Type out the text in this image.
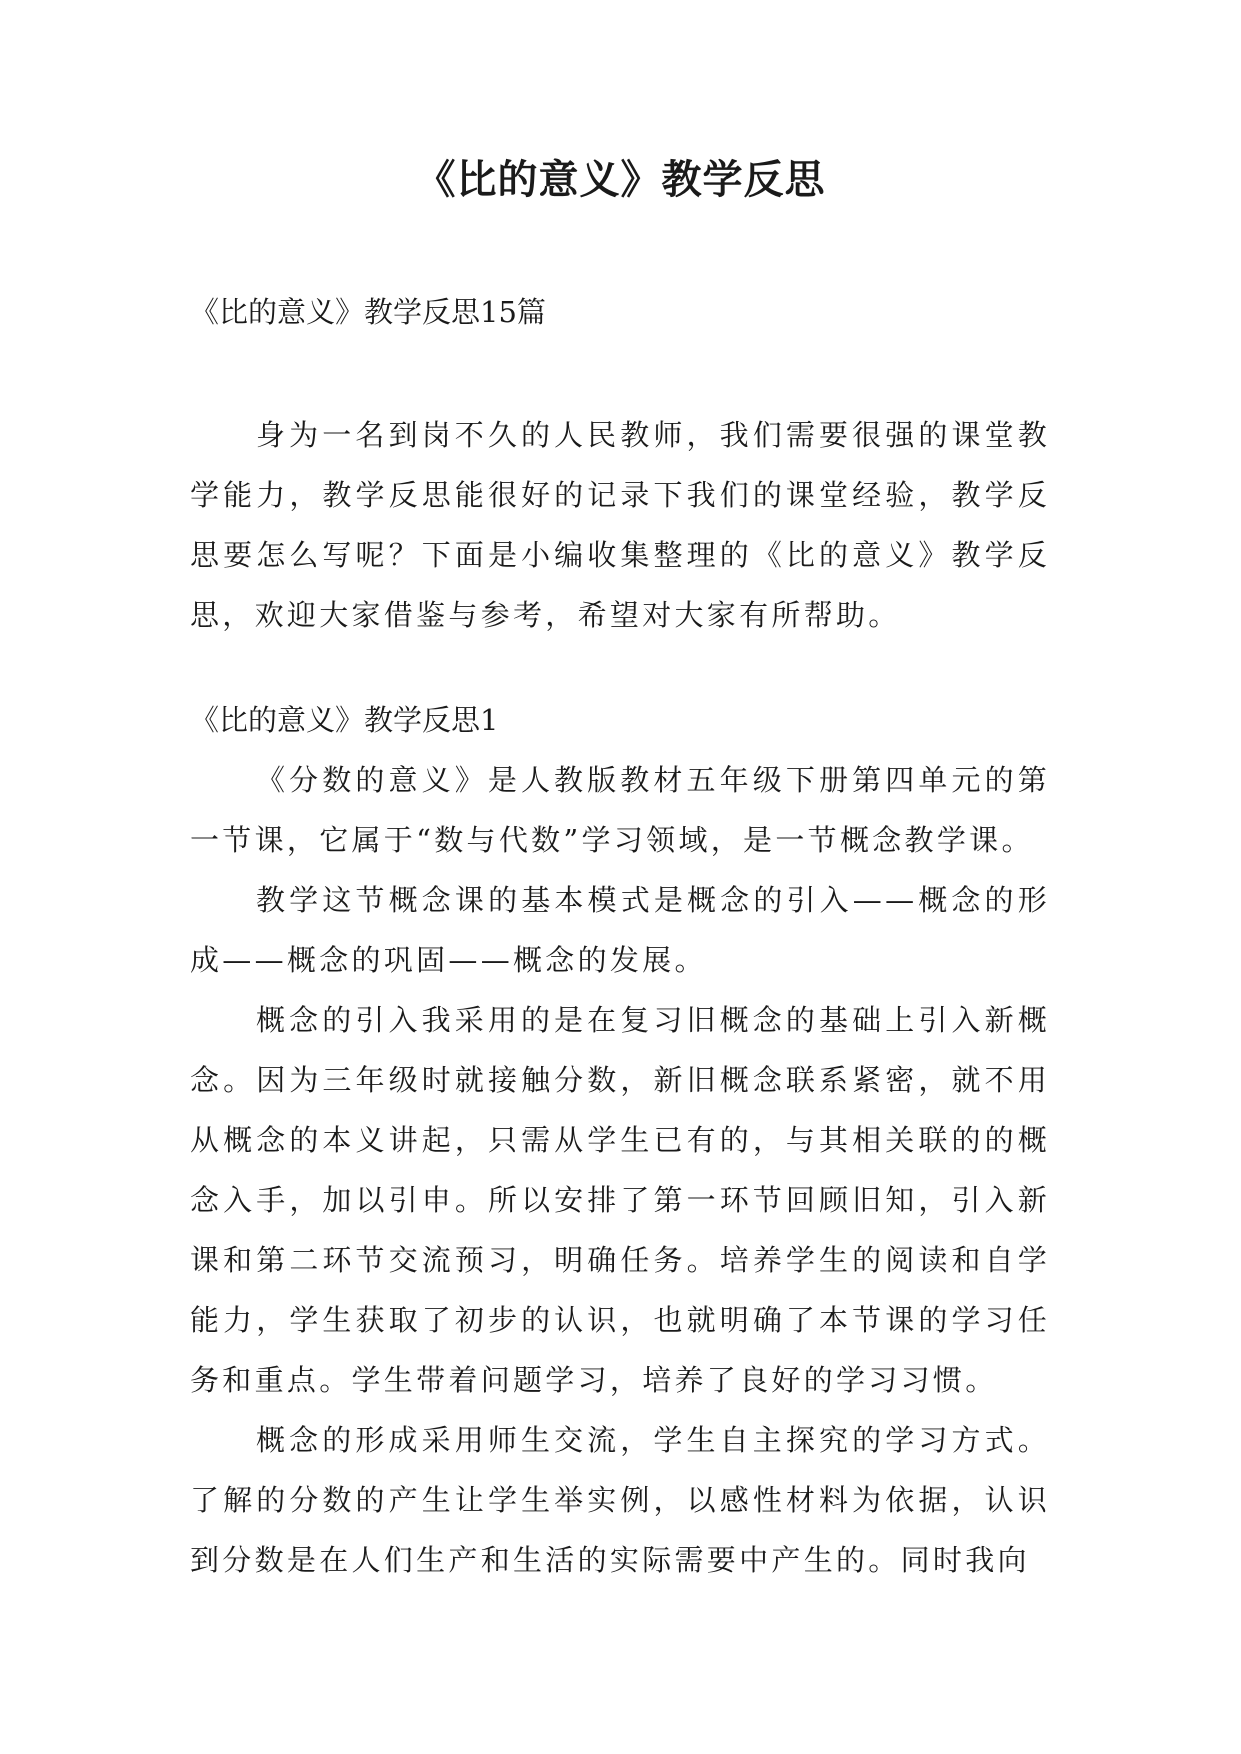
《比的意义》教学反思

《比的意义》教学反思15篇

身为一名到岗不久的人民教师，我们需要很强的课堂教学能力，教学反思能很好的记录下我们的课堂经验，教学反思要怎么写呢？下面是小编收集整理的《比的意义》教学反思，欢迎大家借鉴与参考，希望对大家有所帮助。

《比的意义》教学反思1

《分数的意义》是人教版教材五年级下册第四单元的第一节课，它属于“数与代数”学习领域，是一节概念教学课。

教学这节概念课的基本模式是概念的引入——概念的形成——概念的巩固——概念的发展。

概念的引入我采用的是在复习旧概念的基础上引入新概念。因为三年级时就接触分数，新旧概念联系紧密，就不用从概念的本义讲起，只需从学生已有的，与其相关联的的概念入手，加以引申。所以安排了第一环节回顾旧知，引入新课和第二环节交流预习，明确任务。培养学生的阅读和自学能力，学生获取了初步的认识，也就明确了本节课的学习任务和重点。学生带着问题学习，培养了良好的学习习惯。

概念的形成采用师生交流，学生自主探究的学习方式。了解的分数的产生让学生举实例，以感性材料为依据，认识到分数是在人们生产和生活的实际需要中产生的。同时我向
